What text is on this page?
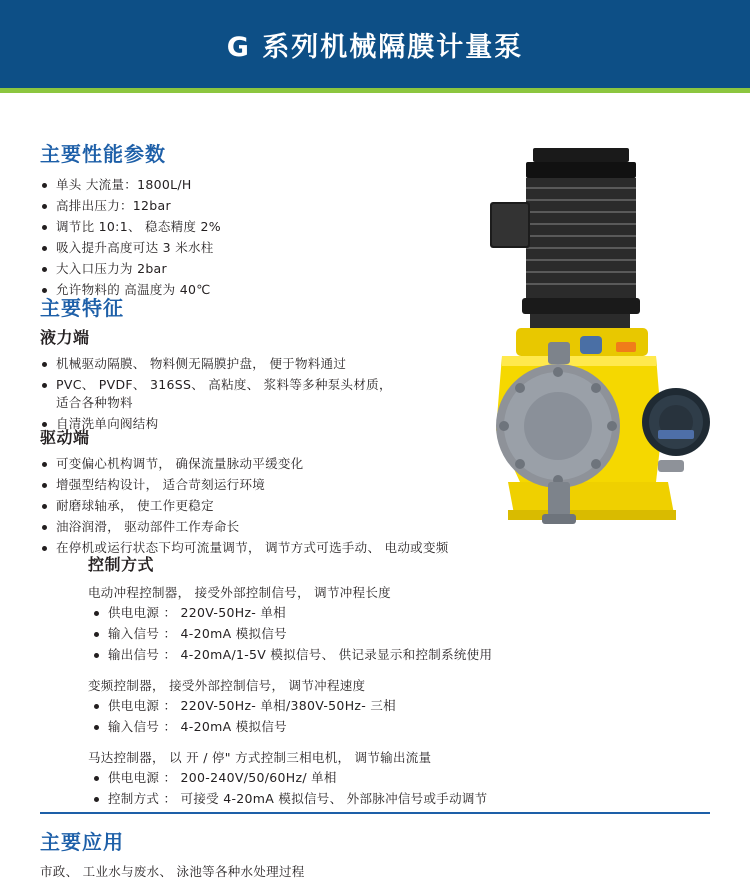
G 系列机械隔膜计量泵
主要性能参数
单头 大流量：1800L/H
高排出压力：12bar
调节比 10:1、 稳态精度 2%
吸入提升高度可达 3 米水柱
大入口压力为 2bar
允许物料的 高温度为 40℃
主要特征
液力端
机械驱动隔膜、 物料侧无隔膜护盘， 便于物料通过
PVC、 PVDF、 316SS、 高粘度、 浆料等多种泵头材质， 适合各种物料
自清洗单向阀结构
驱动端
可变偏心机构调节， 确保流量脉动平缓变化
增强型结构设计， 适合苛刻运行环境
耐磨球轴承， 使工作更稳定
油浴润滑， 驱动部件工作寿命长
在停机或运行状态下均可流量调节， 调节方式可选手动、 电动或变频
控制方式

电动冲程控制器， 接受外部控制信号， 调节冲程长度

供电电源 ： 220V-50Hz- 单相
输入信号 ： 4-20mA 模拟信号
输出信号 ： 4-20mA/1-5V 模拟信号、 供记录显示和控制系统使用

变频控制器， 接受外部控制信号， 调节冲程速度

供电电源 ： 220V-50Hz- 单相/380V-50Hz- 三相
输入信号 ： 4-20mA 模拟信号

马达控制器， 以 开 / 停" 方式控制三相电机， 调节输出流量

供电电源 ： 200-240V/50/60Hz/ 单相
控制方式 ： 可接受 4-20mA 模拟信号、 外部脉冲信号或手动调节
主要应用

市政、 工业水与废水、 泳池等各种水处理过程
